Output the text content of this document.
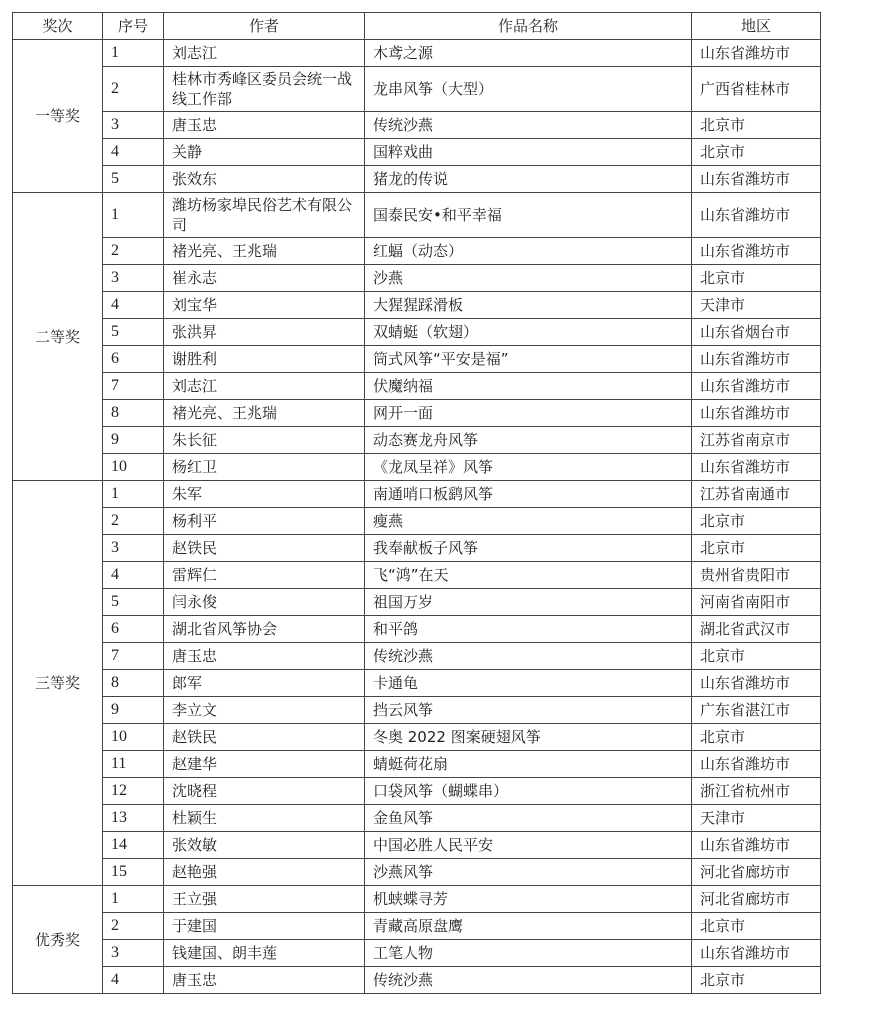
奖次	序号	作者	作品名称	地区
一等奖	1	刘志江	木鸢之源	山东省潍坊市
	2	桂林市秀峰区委员会统一战线工作部	龙串风筝（大型）	广西省桂林市
	3	唐玉忠	传统沙燕	北京市
	4	关静	国粹戏曲	北京市
	5	张效东	猪龙的传说	山东省潍坊市
二等奖	1	潍坊杨家埠民俗艺术有限公司	国泰民安•和平幸福	山东省潍坊市
	2	褚光亮、王兆瑞	红蝠（动态）	山东省潍坊市
	3	崔永志	沙燕	北京市
	4	刘宝华	大猩猩踩滑板	天津市
	5	张洪昇	双蜻蜓（软翅）	山东省烟台市
	6	谢胜利	筒式风筝“平安是福”	山东省潍坊市
	7	刘志江	伏魔纳福	山东省潍坊市
	8	褚光亮、王兆瑞	网开一面	山东省潍坊市
	9	朱长征	动态赛龙舟风筝	江苏省南京市
	10	杨红卫	《龙凤呈祥》风筝	山东省潍坊市
三等奖	1	朱军	南通哨口板鹞风筝	江苏省南通市
	2	杨利平	瘦燕	北京市
	3	赵铁民	我奉献板子风筝	北京市
	4	雷辉仁	飞“鸿”在天	贵州省贵阳市
	5	闫永俊	祖国万岁	河南省南阳市
	6	湖北省风筝协会	和平鸽	湖北省武汉市
	7	唐玉忠	传统沙燕	北京市
	8	郎军	卡通龟	山东省潍坊市
	9	李立文	挡云风筝	广东省湛江市
	10	赵铁民	冬奥 2022 图案硬翅风筝	北京市
	11	赵建华	蜻蜓荷花扇	山东省潍坊市
	12	沈晓程	口袋风筝（蝴蝶串）	浙江省杭州市
	13	杜颖生	金鱼风筝	天津市
	14	张效敏	中国必胜人民平安	山东省潍坊市
	15	赵艳强	沙燕风筝	河北省廊坊市
优秀奖	1	王立强	机蛱蝶寻芳	河北省廊坊市
	2	于建国	青藏高原盘鹰	北京市
	3	钱建国、朗丰莲	工笔人物	山东省潍坊市
	4	唐玉忠	传统沙燕	北京市
